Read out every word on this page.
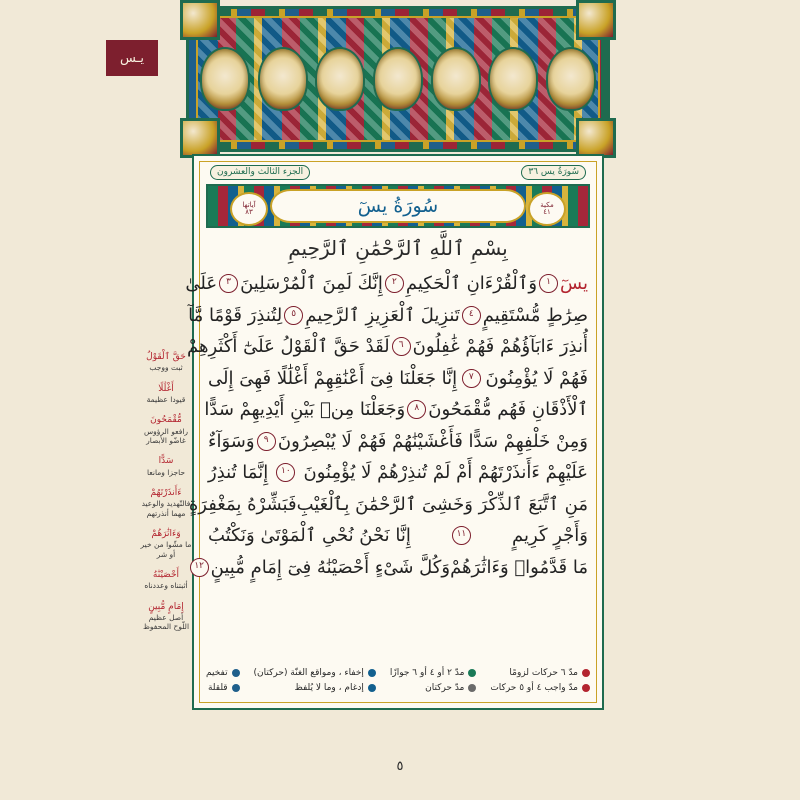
يـس
حَقَّ ٱلْقَوْلُ
ثبت ووجب
أَغْلَٰلًا
قيودا عظيمة
مُّقْمَحُونَ
رافعو الرؤوس غاضّو الأبصار
سَدًّا
حاجزا ومانعا
ءَأَنذَرْتَهُمْ
فالتّهديد والوعيد مهما أنذرتهم
وَءَاثَٰرَهُمْ
ما مشّوا من خير أو شر
أَحْصَيْنَٰهُ
أثبتناه وعددناه
إِمَامٍ مُّبِينٍ
أصل عظيم اللّوح المحفوظ
سُورَةُ يس ٣٦
الجزء الثالث والعشرون
مكية
٤١
سُورَةُ يسٓ
آياتها
٨٣
بِسْمِ ٱللَّهِ ٱلرَّحْمَٰنِ ٱلرَّحِيمِ
يسٓ
١
وَٱلْقُرْءَانِ ٱلْحَكِيمِ
٢
إِنَّكَ لَمِنَ ٱلْمُرْسَلِينَ
٣
عَلَىٰ
صِرَٰطٍ مُّسْتَقِيمٍ
٤
تَنزِيلَ ٱلْعَزِيزِ ٱلرَّحِيمِ
٥
لِتُنذِرَ قَوْمًا مَّآ
أُنذِرَ ءَابَآؤُهُمْ فَهُمْ غَٰفِلُونَ
٦
لَقَدْ حَقَّ ٱلْقَوْلُ عَلَىٰٓ أَكْثَرِهِمْ
فَهُمْ لَا يُؤْمِنُونَ
٧
إِنَّا جَعَلْنَا فِىٓ أَعْنَٰقِهِمْ أَغْلَٰلًا فَهِىَ إِلَى
ٱلْأَذْقَانِ فَهُم مُّقْمَحُونَ
٨
وَجَعَلْنَا مِنۢ بَيْنِ أَيْدِيهِمْ سَدًّا
وَمِنْ خَلْفِهِمْ سَدًّا فَأَغْشَيْنَٰهُمْ فَهُمْ لَا يُبْصِرُونَ
٩
وَسَوَآءٌ
عَلَيْهِمْ ءَأَنذَرْتَهُمْ أَمْ لَمْ تُنذِرْهُمْ لَا يُؤْمِنُونَ
١٠
إِنَّمَا تُنذِرُ
مَنِ ٱتَّبَعَ ٱلذِّكْرَ وَخَشِىَ ٱلرَّحْمَٰنَ بِٱلْغَيْبِ
فَبَشِّرْهُ بِمَغْفِرَةٍ
وَأَجْرٍ كَرِيمٍ
١١
إِنَّا نَحْنُ نُحْىِ ٱلْمَوْتَىٰ وَنَكْتُبُ
مَا قَدَّمُوا۟ وَءَاثَٰرَهُمْ
وَكُلَّ شَىْءٍ أَحْصَيْنَٰهُ فِىٓ إِمَامٍ مُّبِينٍ
١٢
مدّ ٦ حركات لزومًا
مدّ واجب ٤ أو ٥ حركات
مدّ ٢ أو ٤ أو ٦ جوازًا
مدّ حركتان
إخفاء ، ومواقع الغنّة (حركتان)
إدغام ، وما لا يُلفظ
تفخيم
قلقلة
٥
